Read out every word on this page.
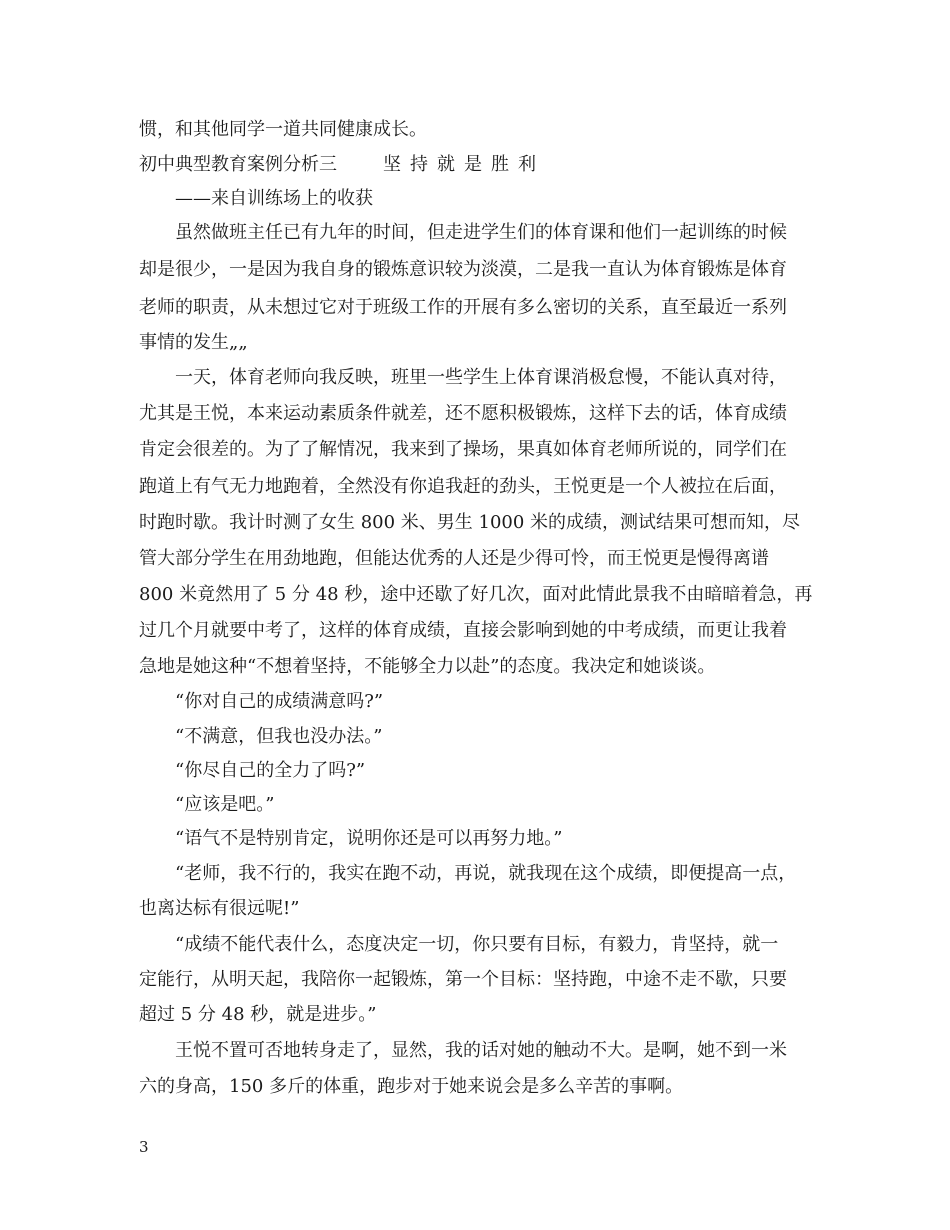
惯，和其他同学一道共同健康成长。
初中典型教育案例分析三	坚持就是胜利
——来自训练场上的收获
虽然做班主任已有九年的时间，但走进学生们的体育课和他们一起训练的时候
却是很少，一是因为我自身的锻炼意识较为淡漠，二是我一直认为体育锻炼是体育
老师的职责，从未想过它对于班级工作的开展有多么密切的关系，直至最近一系列
事情的发生„„
一天，体育老师向我反映，班里一些学生上体育课消极怠慢，不能认真对待，
尤其是王悦，本来运动素质条件就差，还不愿积极锻炼，这样下去的话，体育成绩
肯定会很差的。为了了解情况，我来到了操场，果真如体育老师所说的，同学们在
跑道上有气无力地跑着，全然没有你追我赶的劲头，王悦更是一个人被拉在后面，
时跑时歇。我计时测了女生 800 米、男生 1000 米的成绩，测试结果可想而知，尽
管大部分学生在用劲地跑，但能达优秀的人还是少得可怜，而王悦更是慢得离谱
800 米竟然用了 5 分 48 秒，途中还歇了好几次，面对此情此景我不由暗暗着急，再
过几个月就要中考了，这样的体育成绩，直接会影响到她的中考成绩，而更让我着
急地是她这种“不想着坚持，不能够全力以赴”的态度。我决定和她谈谈。
“你对自己的成绩满意吗?”
“不满意，但我也没办法。”
“你尽自己的全力了吗?”
“应该是吧。”
“语气不是特别肯定，说明你还是可以再努力地。”
“老师，我不行的，我实在跑不动，再说，就我现在这个成绩，即便提高一点，
也离达标有很远呢!”
“成绩不能代表什么，态度决定一切，你只要有目标，有毅力，肯坚持，就一
定能行，从明天起，我陪你一起锻炼，第一个目标：坚持跑，中途不走不歇，只要
超过 5 分 48 秒，就是进步。”
王悦不置可否地转身走了，显然，我的话对她的触动不大。是啊，她不到一米
六的身高，150 多斤的体重，跑步对于她来说会是多么辛苦的事啊。
3
